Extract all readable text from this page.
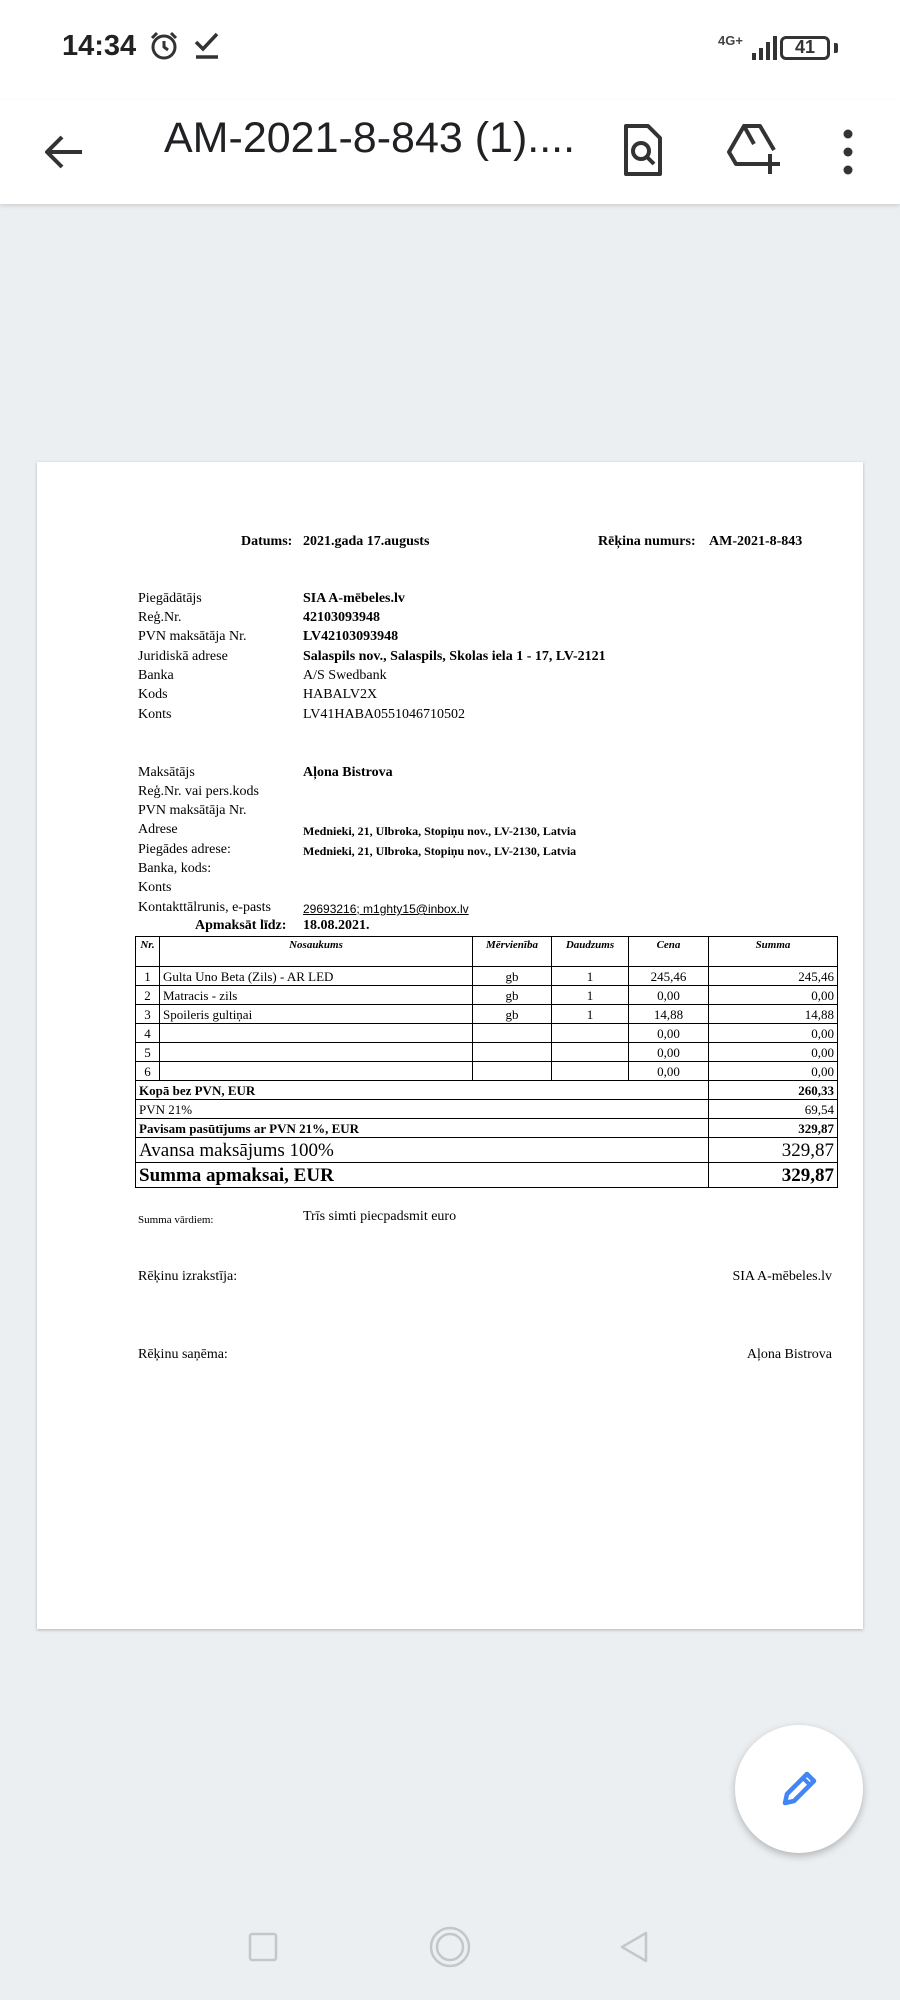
14:34	4G+	41
AM-2021-8-843 (1)....
Datums: 2021.gada 17.augusts	Rēķina numurs: AM-2021-8-843
Piegādātājs	SIA A-mēbeles.lv
Reģ.Nr.	42103093948
PVN maksātāja Nr.	LV42103093948
Juridiskā adrese	Salaspils nov., Salaspils, Skolas iela 1 - 17, LV-2121
Banka	A/S Swedbank
Kods	HABALV2X
Konts	LV41HABA0551046710502
Maksātājs	Aļona Bistrova
Reģ.Nr. vai pers.kods
PVN maksātāja Nr.
Adrese	Mednieki, 21, Ulbroka, Stopiņu nov., LV-2130, Latvia
Piegādes adrese:	Mednieki, 21, Ulbroka, Stopiņu nov., LV-2130, Latvia
Banka, kods:
Konts
Kontakttālrunis, e-pasts	29693216; m1ghty15@inbox.lv
Apmaksāt līdz: 18.08.2021.
Nr.	Nosaukums	Mērvienība	Daudzums	Cena	Summa
1	Gulta Uno Beta (Zils) - AR LED	gb	1	245,46	245,46
2	Matracis - zils	gb	1	0,00	0,00
3	Spoileris gultiņai	gb	1	14,88	14,88
4				0,00	0,00
5				0,00	0,00
6				0,00	0,00
Kopā bez PVN, EUR					260,33
PVN 21%					69,54
Pavisam pasūtījums ar PVN 21%, EUR					329,87
Avansa maksājums 100%					329,87
Summa apmaksai, EUR					329,87
Summa vārdiem:	Trīs simti piecpadsmit euro
Rēķinu izrakstīja:	SIA A-mēbeles.lv
Rēķinu saņēma:	Aļona Bistrova
